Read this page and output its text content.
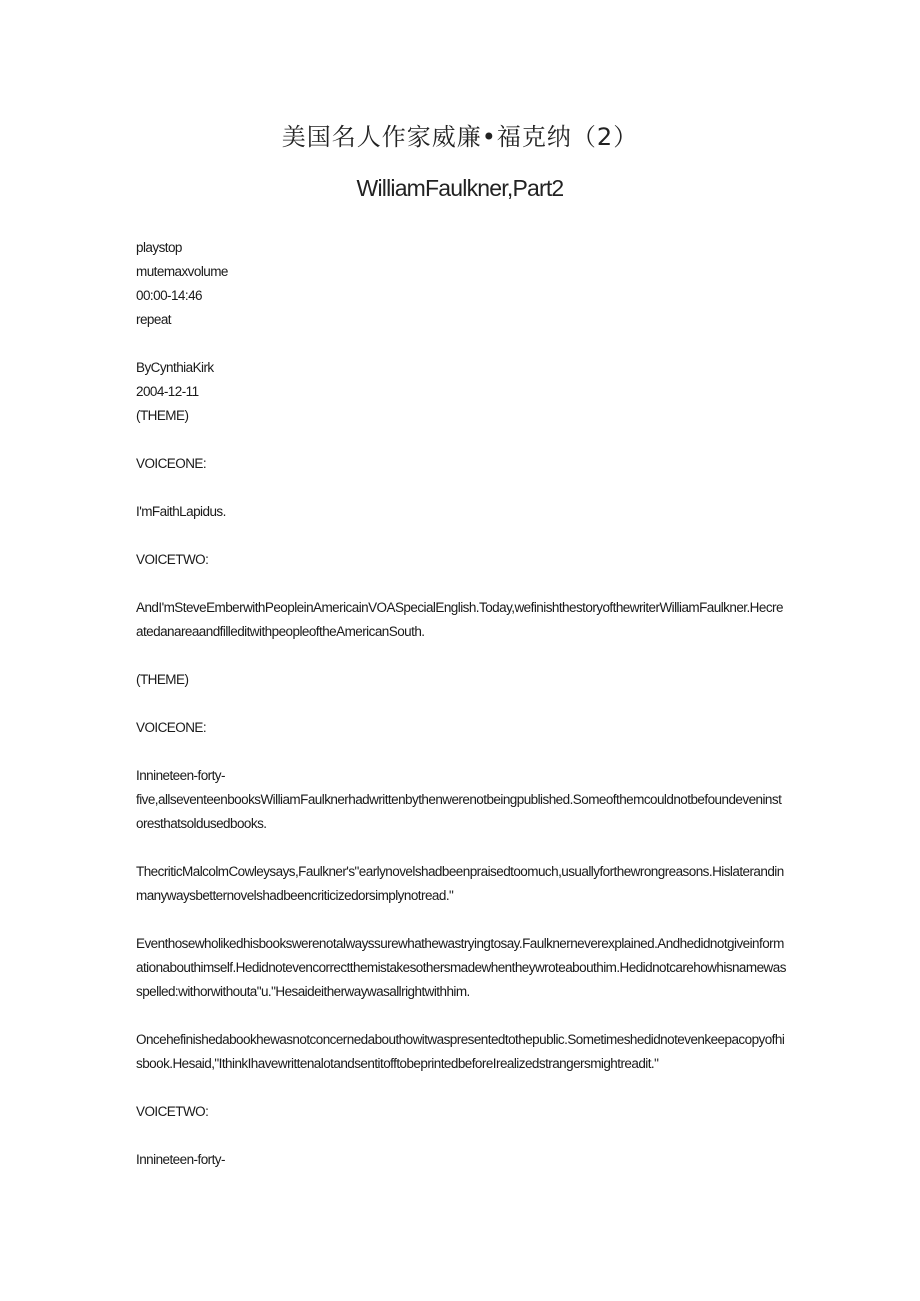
美国名人作家威廉•福克纳（2）
WilliamFaulkner,Part2
playstop
mutemaxvolume
00:00-14:46
repeat
ByCynthiaKirk
2004-12-11
(THEME)
VOICEONE:
I'mFaithLapidus.
VOICETWO:
AndI'mSteveEmberwithPeopleinAmericainVOASpecialEnglish.Today,wefinishthestoryofthewriterWilliamFaulkner.HecreatedanareaandfilleditwithpeopleoftheAmericanSouth.
(THEME)
VOICEONE:
Innineteen-forty-
five,allseventeenbooksWilliamFaulknerhadwrittenbythenwerenotbeingpublished.Someofthemcouldnotbefoundeveninstoresthatsoldusedbooks.
ThecriticMalcolmCowleysays,Faulkner's"earlynovelshadbeenpraisedtoomuch,usuallyforthewrongreasons.Hislaterandinmanywaysbetternovelshadbeencriticizedorsimplynotread."
Eventhosewholikedhisbookswerenotalwayssurewhathewastryingtosay.Faulknerneverexplained.Andhedidnotgiveinformationabouthimself.Hedidnotevencorrectthemistakesothersmadewhentheywroteabouthim.Hedidnotcarehowhisnamewasspelled:withorwithouta"u."Hesaideitherwaywasallrightwithhim.
Oncehefinishedabookhewasnotconcernedabouthowitwaspresentedtothepublic.Sometimeshedidnotevenkeepacopyofhisbook.Hesaid,"IthinkIhavewrittenalotandsentitofftobeprintedbeforeIrealizedstrangersmightreadit."
VOICETWO:
Innineteen-forty-
